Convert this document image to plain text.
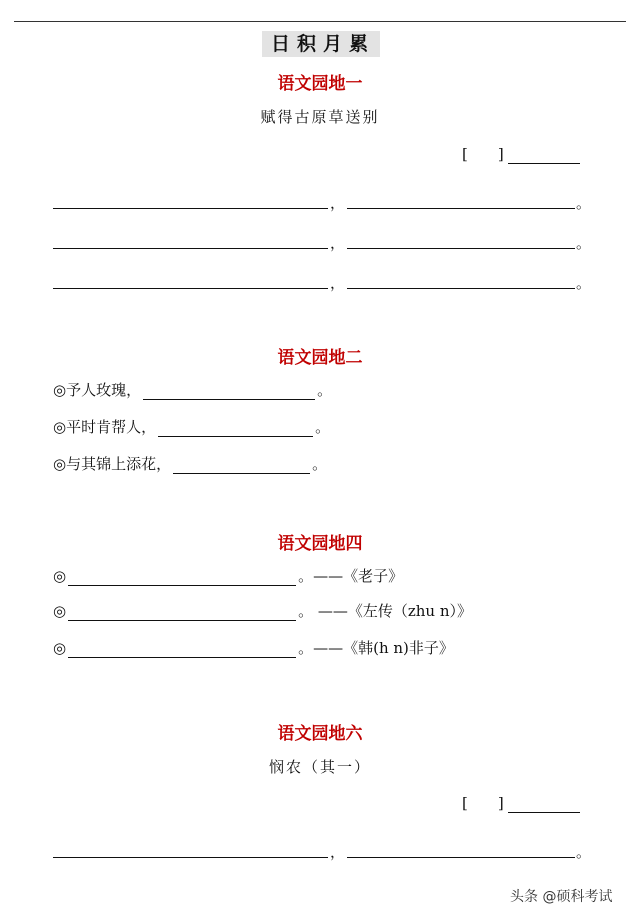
日积月累
语文园地一
赋得古原草送别
[　　]
，	。
，	。
，	。
语文园地二
◎予人玫瑰，	。
◎平时肯帮人，	。
◎与其锦上添花，	。
语文园地四
◎	。——《老子》
◎	。 ——《左传（zhu n）》
◎	。——《韩(h n)非子》
语文园地六
悯农（其一）
[　　]
，	。
头条 @硕科考试
